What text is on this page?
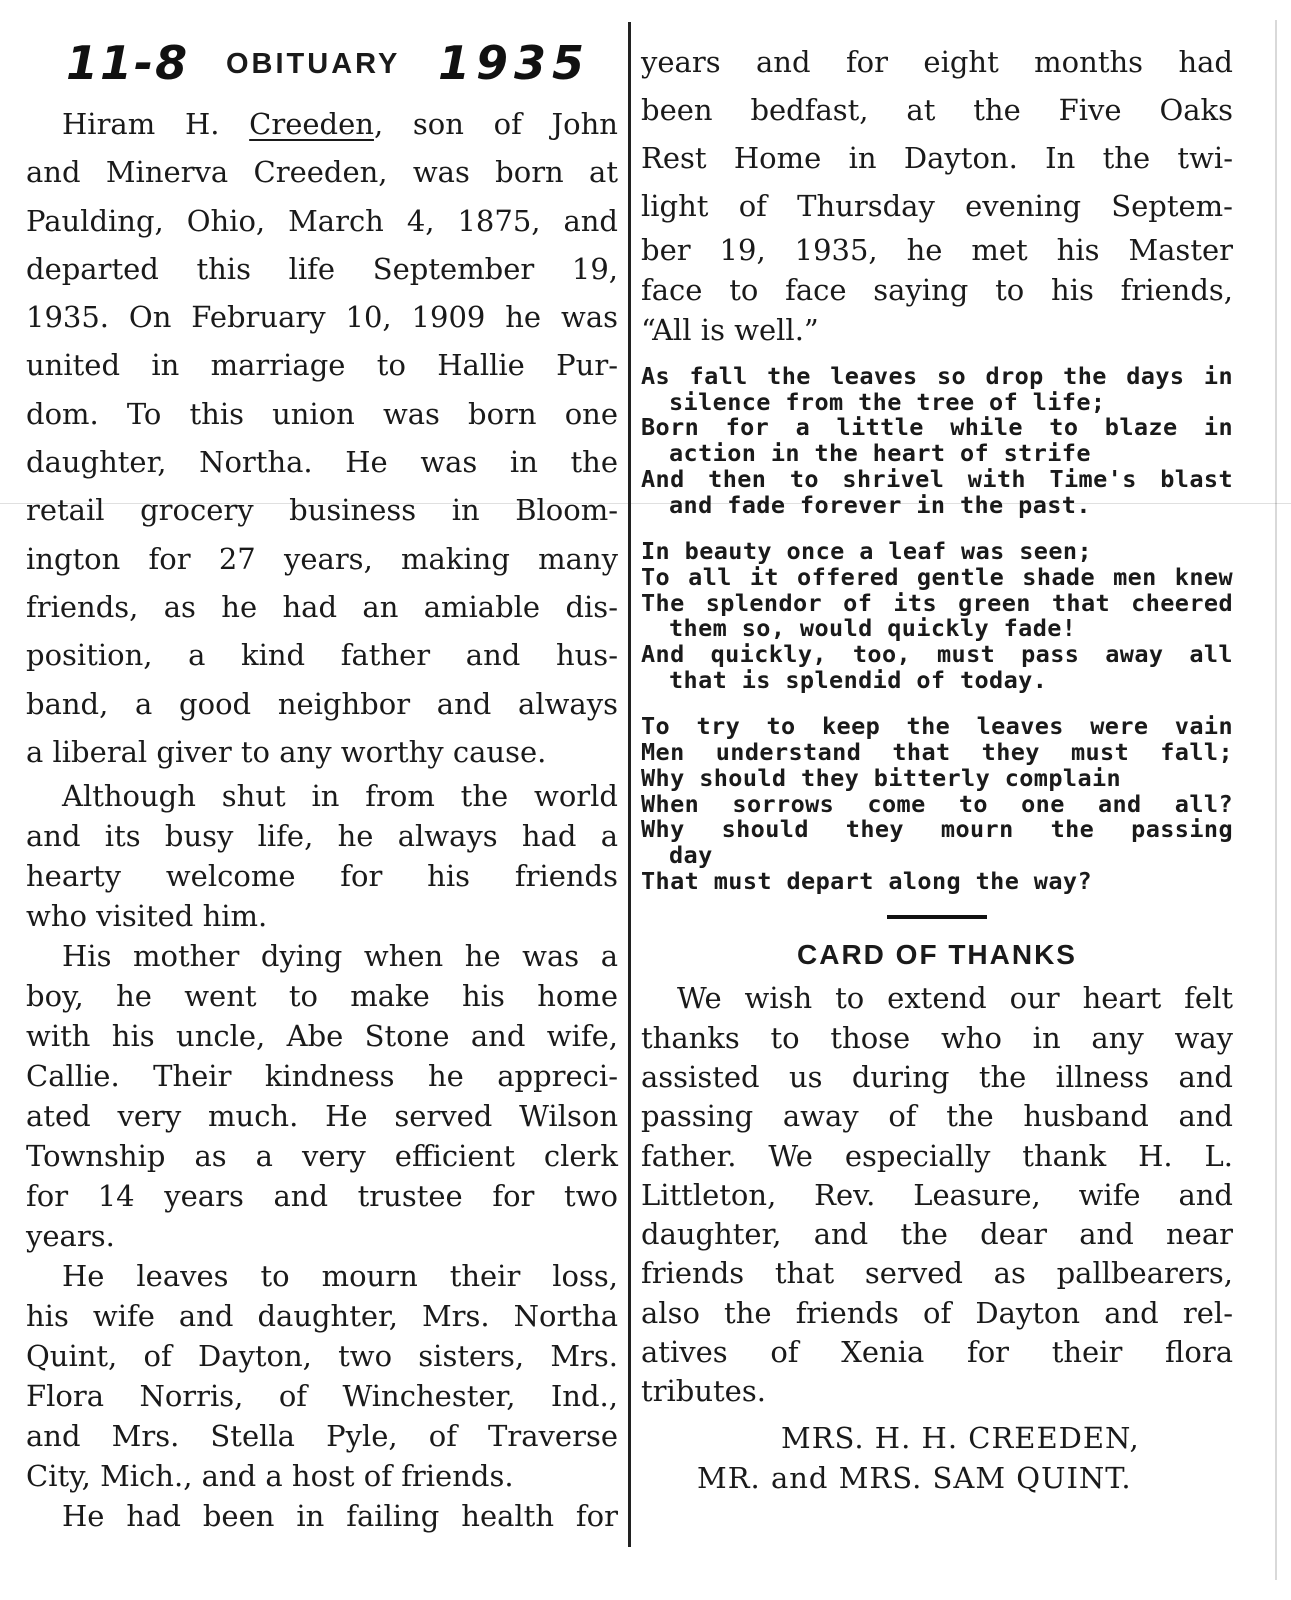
11-8 OBITUARY 1935

Hiram H. Creeden, son of John

and Minerva Creeden, was born at

Paulding, Ohio, March 4, 1875, and

departed this life September 19,

1935. On February 10, 1909 he was

united in marriage to Hallie Pur-

dom. To this union was born one

daughter, Northa. He was in the

retail grocery business in Bloom-

ington for 27 years, making many

friends, as he had an amiable dis-

position, a kind father and hus-

band, a good neighbor and always

a liberal giver to any worthy cause.

Although shut in from the world

and its busy life, he always had a

hearty welcome for his friends

who visited him.

His mother dying when he was a

boy, he went to make his home

with his uncle, Abe Stone and wife,

Callie. Their kindness he appreci-

ated very much. He served Wilson

Township as a very efficient clerk

for 14 years and trustee for two

years.

He leaves to mourn their loss,

his wife and daughter, Mrs. Northa

Quint, of Dayton, two sisters, Mrs.

Flora Norris, of Winchester, Ind.,

and Mrs. Stella Pyle, of Traverse

City, Mich., and a host of friends.

He had been in failing health for

years and for eight months had

been bedfast, at the Five Oaks

Rest Home in Dayton. In the twi-

light of Thursday evening Septem-

ber 19, 1935, he met his Master

face to face saying to his friends,

“All is well.”

As fall the leaves so drop the days in
silence from the tree of life;
Born for a little while to blaze in
action in the heart of strife
And then to shrivel with Time's blast
and fade forever in the past.
In beauty once a leaf was seen;
To all it offered gentle shade men knew
The splendor of its green that cheered
them so, would quickly fade!
And quickly, too, must pass away all
that is splendid of today.
To try to keep the leaves were vain
Men understand that they must fall;
Why should they bitterly complain
When sorrows come to one and all?
Why should they mourn the passing
day
That must depart along the way?
CARD OF THANKS
We wish to extend our heart felt
thanks to those who in any way
assisted us during the illness and
passing away of the husband and
father. We especially thank H. L.
Littleton, Rev. Leasure, wife and
daughter, and the dear and near
friends that served as pallbearers,
also the friends of Dayton and rel-
atives of Xenia for their flora
tributes.
MRS. H. H. CREEDEN,
MR. and MRS. SAM QUINT.
